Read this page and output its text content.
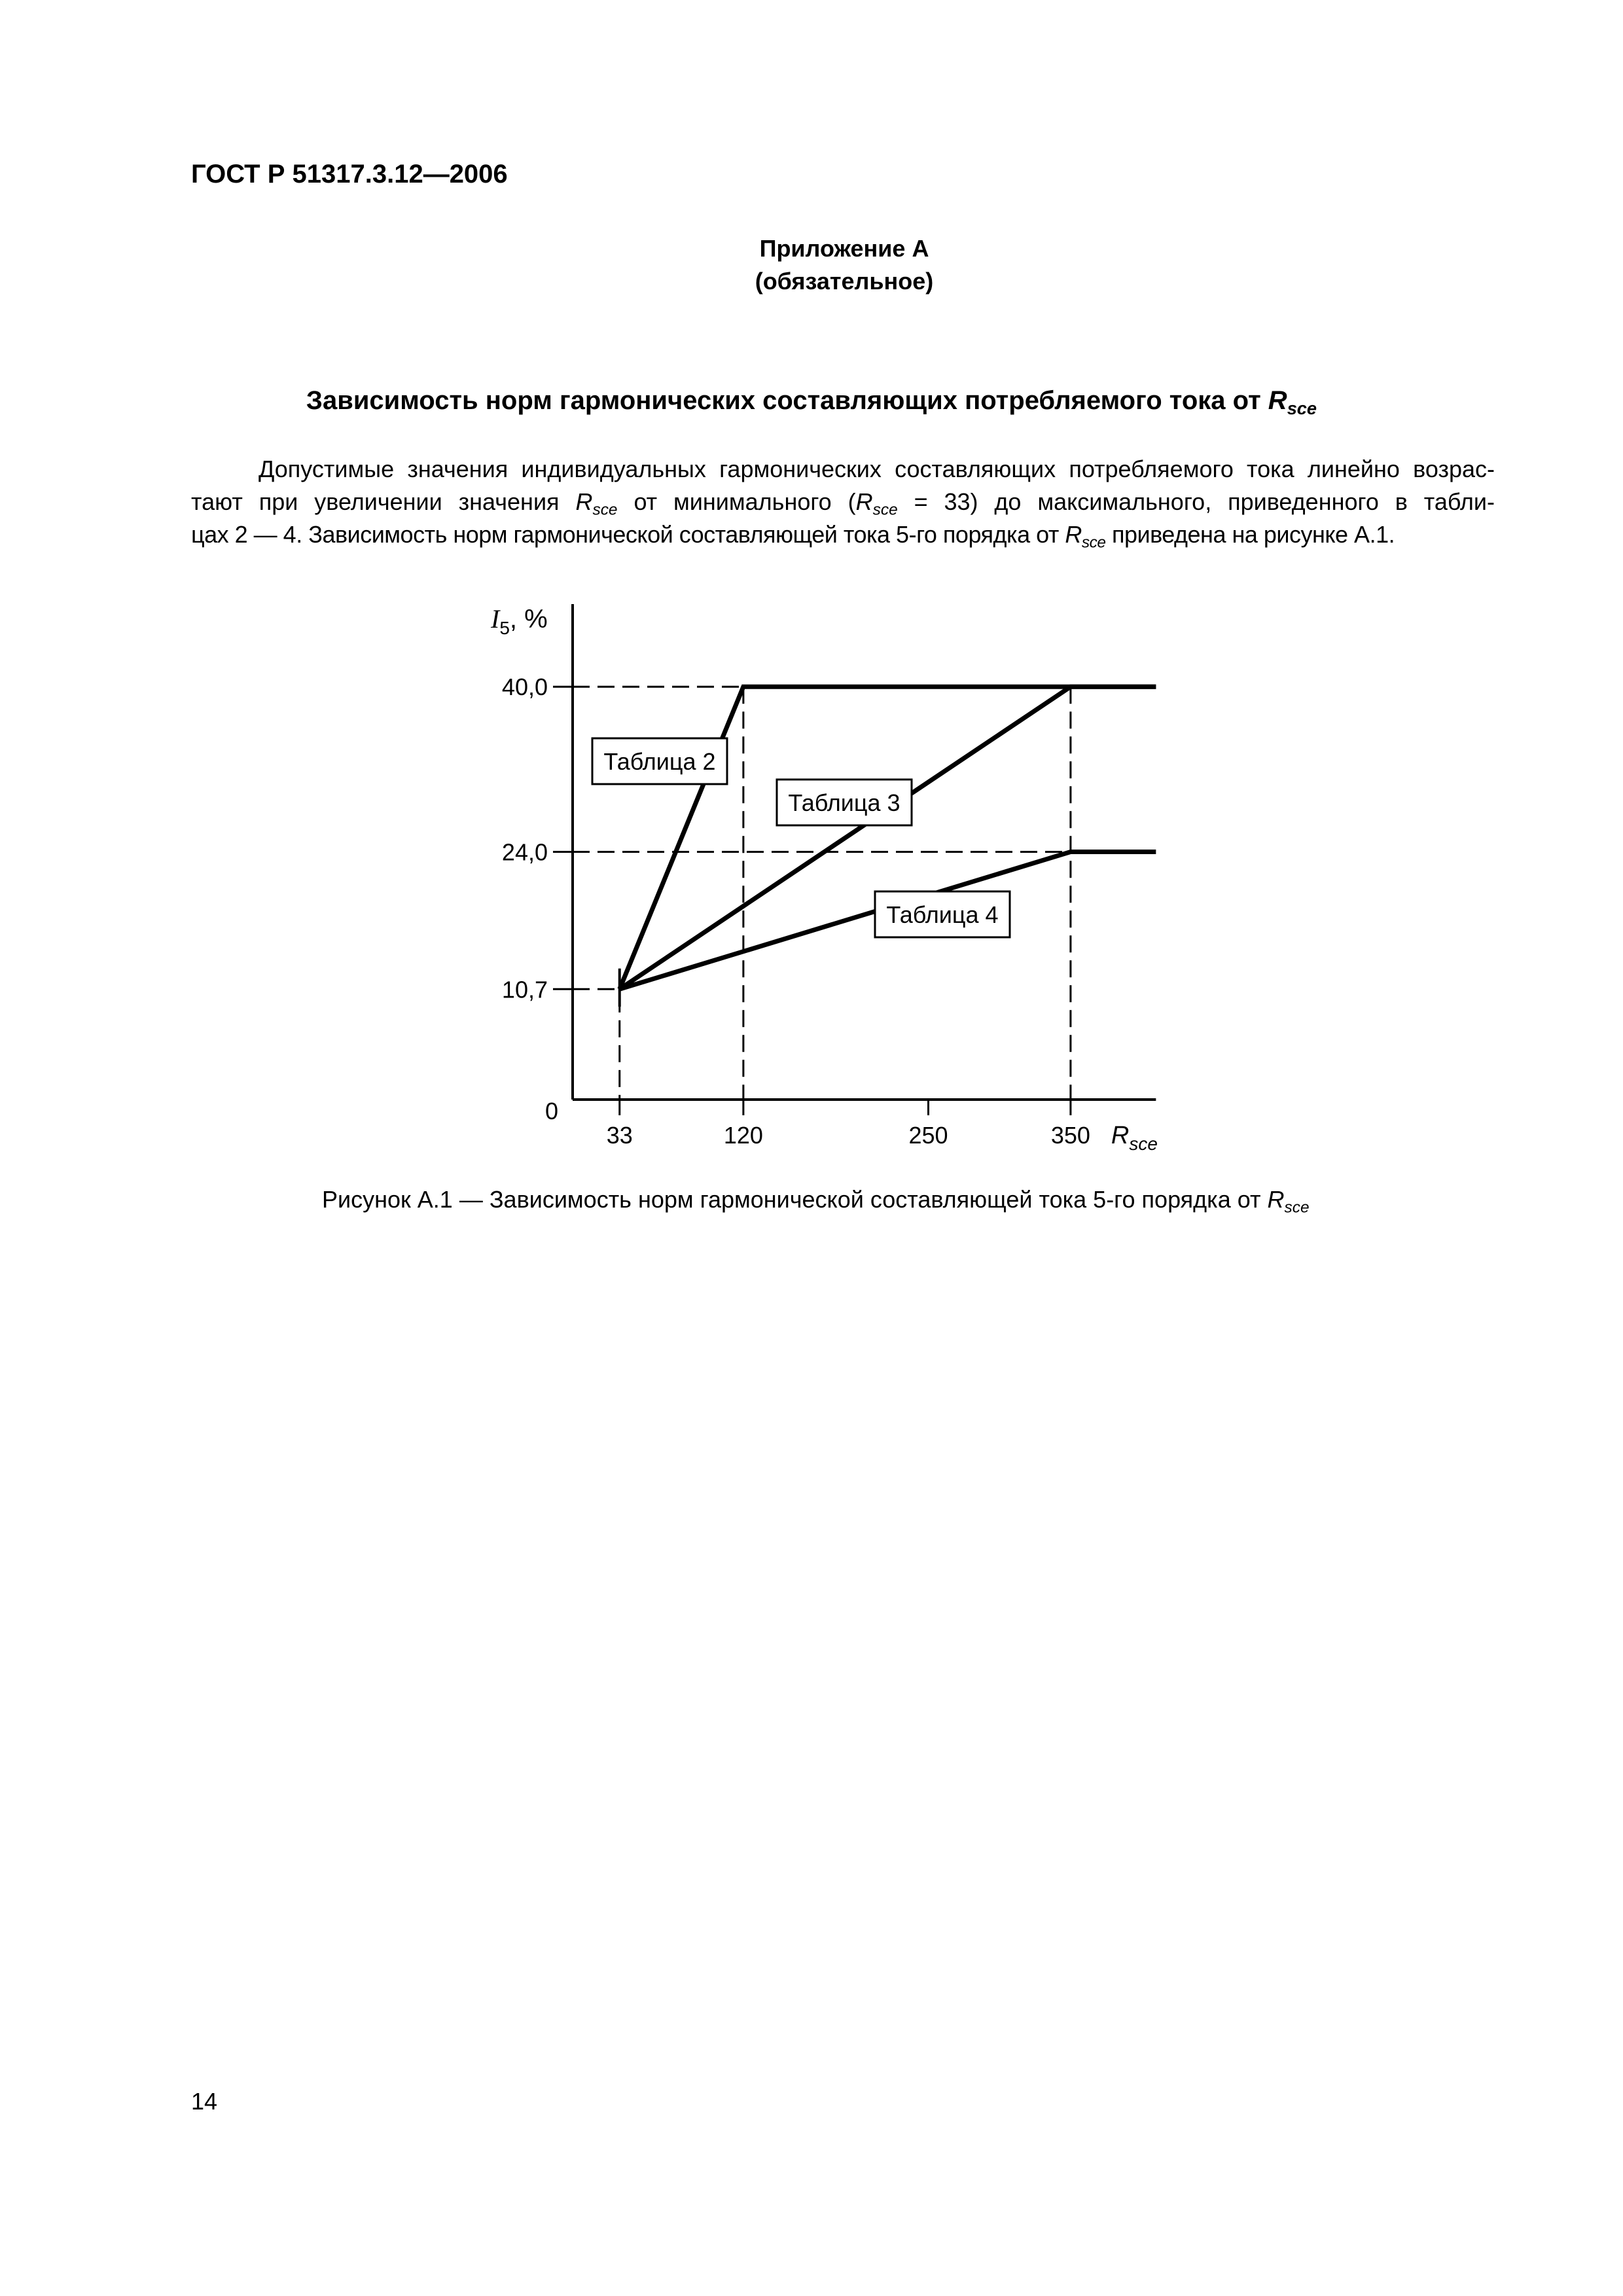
ГОСТ Р 51317.3.12—2006
Приложение А
(обязательное)
Зависимость норм гармонических составляющих потребляемого тока от $R_{sce}$
Допустимые значения индивидуальных гармонических составляющих потребляемого тока линейно возрас-
тают при увеличении значения $R_{sce}$ от минимального $(R_{sce} = 33)$ до максимального, приведенного в табли-
цах 2 — 4. Зависимость норм гармонической составляющей тока 5-го порядка от $R_{sce}$ приведена на рисунке А.1.
10,7
24,0
40,0
33	120	250	350
0
$I_5$, %
$R_{sce}$
Таблица 2
Таблица 3
Таблица 4
Рисунок А.1 — Зависимость норм гармонической составляющей тока 5-го порядка от $R_{sce}$
14
